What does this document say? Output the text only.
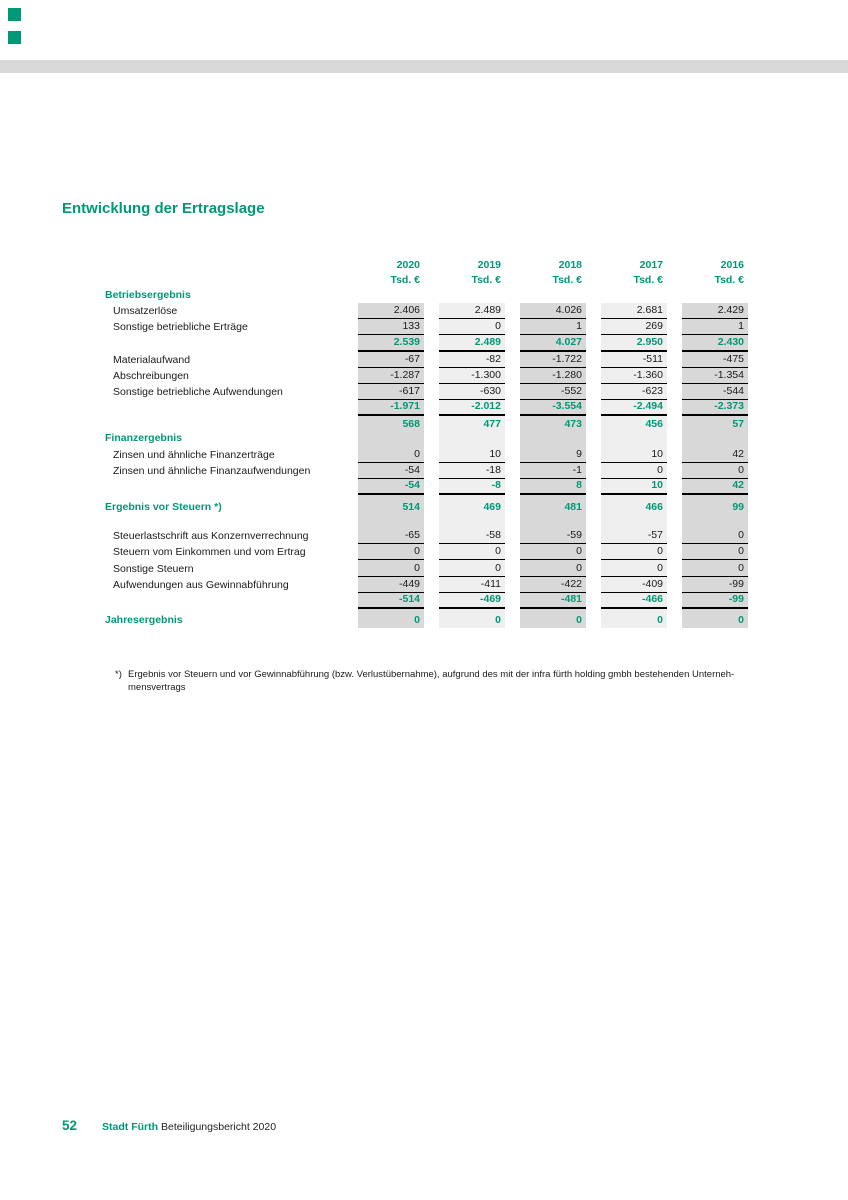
Entwicklung der Ertragslage
2020	2019	2018	2017	2016
Tsd. €	Tsd. €	Tsd. €	Tsd. €	Tsd. €
Betriebsergebnis
Umsatzerlöse	2.406	2.489	4.026	2.681	2.429
Sonstige betriebliche Erträge	133	0	1	269	1
2.539	2.489	4.027	2.950	2.430
Materialaufwand	-67	-82	-1.722	-511	-475
Abschreibungen	-1.287	-1.300	-1.280	-1.360	-1.354
Sonstige betriebliche Aufwendungen	-617	-630	-552	-623	-544
-1.971	-2.012	-3.554	-2.494	-2.373
568	477	473	456	57
Finanzergebnis
Zinsen und ähnliche Finanzerträge	0	10	9	10	42
Zinsen und ähnliche Finanzaufwendungen	-54	-18	-1	0	0
-54	-8	8	10	42
Ergebnis vor Steuern *)	514	469	481	466	99
Steuerlastschrift aus Konzernverrechnung	-65	-58	-59	-57	0
Steuern vom Einkommen und vom Ertrag	0	0	0	0	0
Sonstige Steuern	0	0	0	0	0
Aufwendungen aus Gewinnabführung	-449	-411	-422	-409	-99
-514	-469	-481	-466	-99
Jahresergebnis	0	0	0	0	0
*) Ergebnis vor Steuern und vor Gewinnabführung (bzw. Verlustübernahme), aufgrund des mit der infra fürth holding gmbh bestehenden Unterneh-
mensvertrags
52 Stadt Fürth Beteiligungsbericht 2020
